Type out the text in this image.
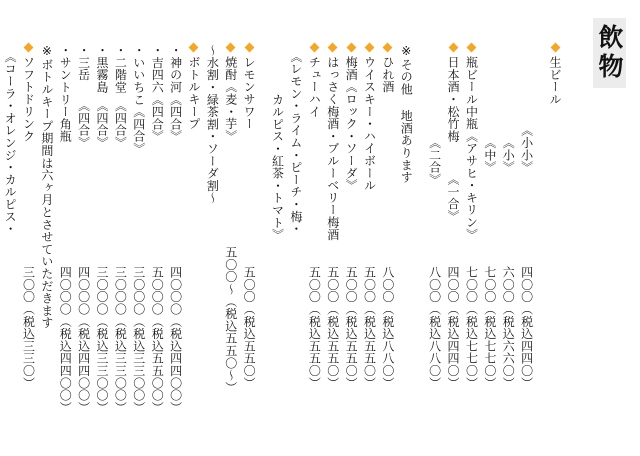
飲物
生ビール
　　　　　　　《小小》
四〇〇（税込四四〇）
　　　　　　　　《小》
六〇〇（税込六六〇）
　　　　　　　　《中》
七〇〇（税込七七〇）
瓶ビール中瓶《アサヒ・キリン》
七〇〇（税込七七〇）
日本酒・松竹梅　　　《一合》
四〇〇（税込四四〇）
　　　　　　　　《二合》
八〇〇（税込八八〇）
※その他 地酒あります
ひれ酒
八〇〇（税込八八〇）
ウイスキー・ハイボール
五〇〇（税込五五〇）
梅酒《ロック・ソーダ》
五〇〇（税込五五〇）
はっさく梅酒・ブルーベリー梅酒
五〇〇（税込五五〇）
チューハイ
五〇〇（税込五五〇）
　《レモン・ライム・ピーチ・梅・
　　　　カルピス・紅茶・トマト》
レモンサワー
五〇〇（税込五五〇）
焼酎《麦・芋》
五〇〇～（税込五五〇～）
～水割・緑茶割・ソーダ割～
ボトルキープ
・神の河《四合》
四〇〇〇（税込四四〇〇）
・吉四六《四合》
五〇〇〇（税込五五〇〇）
・いいちこ《四合》
三〇〇〇（税込三三〇〇）
・二階堂　《四合》
三〇〇〇（税込三三〇〇）
・黒霧島　《四合》
三〇〇〇（税込三三〇〇）
・三岳　　《四合》
四〇〇〇（税込四四〇〇）
・サントリー角瓶
四〇〇〇（税込四四〇〇）
※ボトルキープ期間は六ヶ月とさせていただきます
ソフトドリンク
三〇〇（税込三三〇）
　《コーラ・オレンジ・カルピス・
